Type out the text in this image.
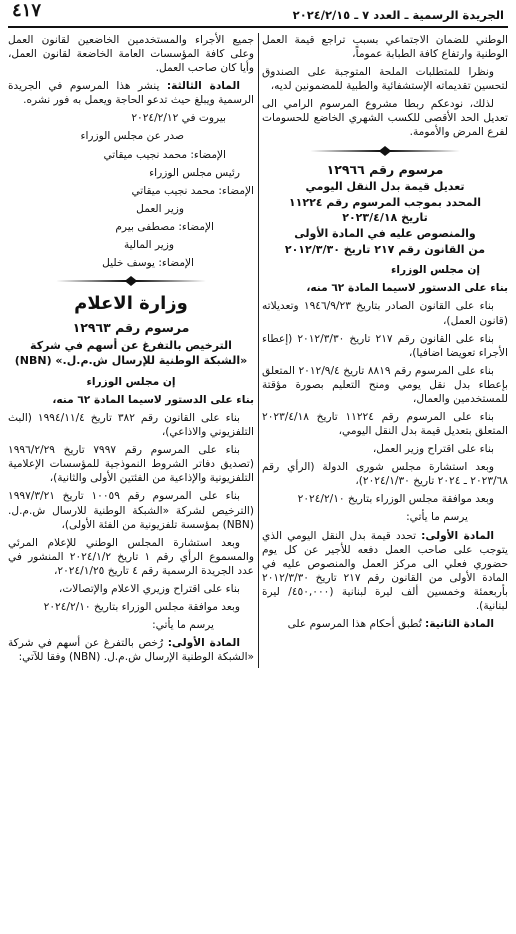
الجريدة الرسمية ـ العدد ٧ ـ ٢٠٢٤/٢/١٥
٤١٧

الوطني للضمان الاجتماعي بسبب تراجع قيمة العمل الوطنية وارتفاع كافة الطبابة عموماً،

ونظرا للمتطلبات الملحة المتوجبة على الصندوق لتحسين تقديماته الإستشفائية والطبية للمضمونين لديه،

لذلك، نودعكم ربطا مشروع المرسوم الرامي الى تعديل الحد الأقصى للكسب الشهري الخاضع للحسومات لفرع المرض والأمومة.

مرسوم رقم ١٢٩٦٦
تعديل قيمة بدل النقل اليومي
المحدد بموجب المرسوم رقم ١١٢٢٤
تاريخ ٢٠٢٣/٤/١٨
والمنصوص عليه في المادة الأولى
من القانون رقم ٢١٧ تاريخ ٢٠١٢/٣/٣٠

إن مجلس الوزراء

بناء على الدستور لاسيما المادة ٦٢ منه،

بناء على القانون الصادر بتاريخ ١٩٤٦/٩/٢٣ وتعديلاته (قانون العمل)،

بناء على القانون رقم ٢١٧ تاريخ ٢٠١٢/٣/٣٠ (إعطاء الأجراء تعويضا اضافيا)،

بناء على المرسوم رقم ٨٨١٩ تاريخ ٢٠١٢/٩/٤ المتعلق بإعطاء بدل نقل يومي ومنح التعليم بصورة مؤقتة للمستخدمين والعمال،

بناء على المرسوم رقم ١١٢٢٤ تاريخ ٢٠٢٣/٤/١٨ المتعلق بتعديل قيمة بدل النقل اليومي،

بناء على اقتراح وزير العمل،

وبعد استشارة مجلس شورى الدولة (الرأي رقم ٢٠٢٣/٦٨ ـ ٢٠٢٤ تاريخ ٢٠٢٤/١/٣٠)،

وبعد موافقة مجلس الوزراء بتاريخ ٢٠٢٤/٢/١٠

يرسم ما يأتي:

المادة الأولى: تحدد قيمة بدل النقل اليومي الذي يتوجب على صاحب العمل دفعه للأجير عن كل يوم حضوري فعلي الى مركز العمل والمنصوص عليه في المادة الأولى من القانون رقم ٢١٧ تاريخ ٢٠١٢/٣/٣٠ بأربعمئة وخمسين ألف ليرة لبنانية (٤٥٠,٠٠٠/ ليرة لبنانية).

المادة الثانية: تُطبق أحكام هذا المرسوم على

جميع الأجراء والمستخدمين الخاضعين لقانون العمل وعلى كافة المؤسسات العامة الخاضعة لقانون العمل، وأيا كان صاحب العمل.

المادة الثالثة: ينشر هذا المرسوم في الجريدة الرسمية ويبلغ حيث تدعو الحاجة ويعمل به فور نشره.

بيروت في ٢٠٢٤/٢/١٢

صدر عن مجلس الوزراء

الإمضاء: محمد نجيب ميقاتي

رئيس مجلس الوزراء

الإمضاء: محمد نجيب ميقاتي

وزير العمل

الإمضاء: مصطفى بيرم

وزير المالية

الإمضاء: يوسف خليل

وزارة الاعلام
مرسوم رقم ١٢٩٦٣
الترخيص بالتفرغ عن أسهم في شركة
«الشبكة الوطنية للإرسال ش.م.ل.» (NBN)

إن مجلس الوزراء

بناء على الدستور لاسيما المادة ٦٢ منه،

بناء على القانون رقم ٣٨٢ تاريخ ١٩٩٤/١١/٤ (البث التلفزيوني والاذاعي)،

بناء على المرسوم رقم ٧٩٩٧ تاريخ ١٩٩٦/٢/٢٩ (تصديق دفاتر الشروط النموذجية للمؤسسات الإعلامية التلفزيونية والإذاعية من الفئتين الأولى والثانية)،

بناء على المرسوم رقم ١٠٠٥٩ تاريخ ١٩٩٧/٣/٢١ (الترخيص لشركة «الشبكة الوطنية للارسال ش.م.ل. (NBN) بمؤسسة تلفزيونية من الفئة الأولى)،

وبعد استشارة المجلس الوطني للإعلام المرئي والمسموع الرأي رقم ١ تاريخ ٢٠٢٤/١/٢ المنشور في عدد الجريدة الرسمية رقم ٤ تاريخ ٢٠٢٤/١/٢٥،

بناء على اقتراح وزيري الاعلام والإتصالات،

وبعد موافقة مجلس الوزراء بتاريخ ٢٠٢٤/٢/١٠

يرسم ما يأتي:

المادة الأولى: رُخص بالتفرغ عن أسهم في شركة «الشبكة الوطنية الإرسال ش.م.ل. (NBN) وفقا للآتي:
